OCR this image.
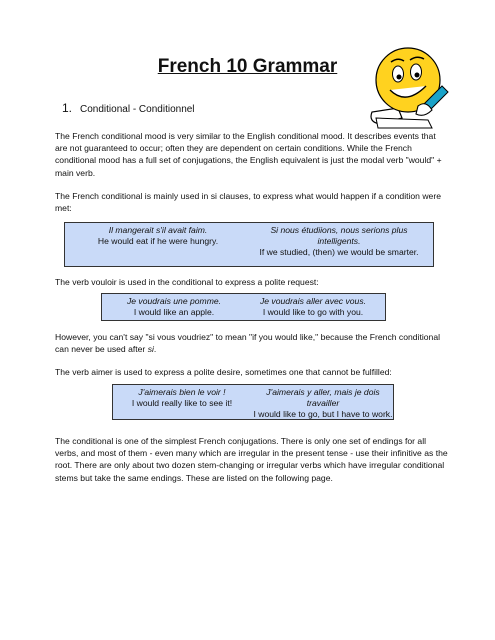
French 10 Grammar
1. Conditional - Conditionnel

The French conditional mood is very similar to the English conditional mood. It describes events that are not guaranteed to occur; often they are dependent on certain conditions. While the French conditional mood has a full set of conjugations, the English equivalent is just the modal verb "would" + main verb.

The French conditional is mainly used in si clauses, to express what would happen if a condition were met:

Il mangerait s'il avait faim.
He would eat if he were hungry.
Si nous étudiions, nous serions plus intelligents.
If we studied, (then) we would be smarter.

The verb vouloir is used in the conditional to express a polite request:

Je voudrais une pomme.
I would like an apple.
Je voudrais aller avec vous.
I would like to go with you.

However, you can't say "si vous voudriez" to mean "if you would like," because the French conditional can never be used after si.

The verb aimer is used to express a polite desire, sometimes one that cannot be fulfilled:

J'aimerais bien le voir !
I would really like to see it!
J'aimerais y aller, mais je dois travailler
I would like to go, but I have to work.

The conditional is one of the simplest French conjugations. There is only one set of endings for all verbs, and most of them - even many which are irregular in the present tense - use their infinitive as the root. There are only about two dozen stem-changing or irregular verbs which have irregular conditional stems but take the same endings. These are listed on the following page.
